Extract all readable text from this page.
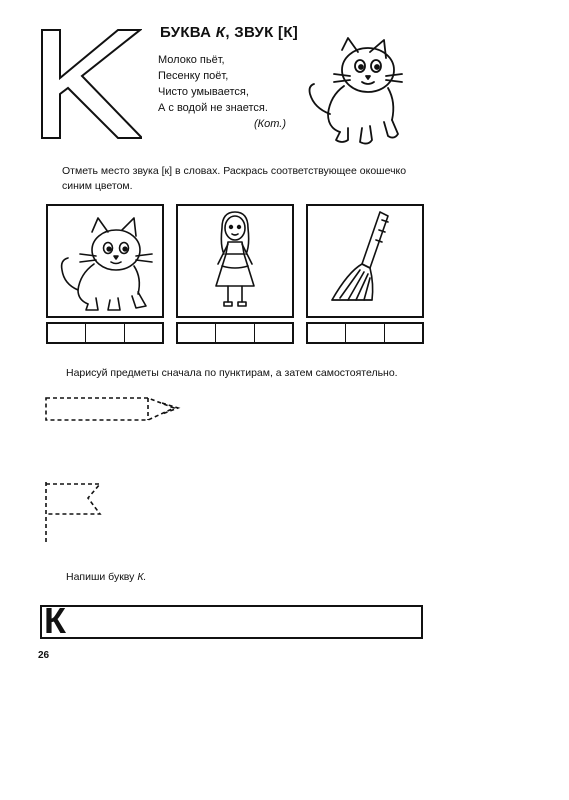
БУКВА К, ЗВУК [К]
Молоко пьёт,
Песенку поёт,
Чисто умывается,
А с водой не знается.
(Кот.)
Отметь место звука [к] в словах. Раскрась соответствующее окошечко
синим цветом.
Нарисуй предметы сначала по пунктирам, а затем самостоятельно.
Напиши букву К.
К
26
